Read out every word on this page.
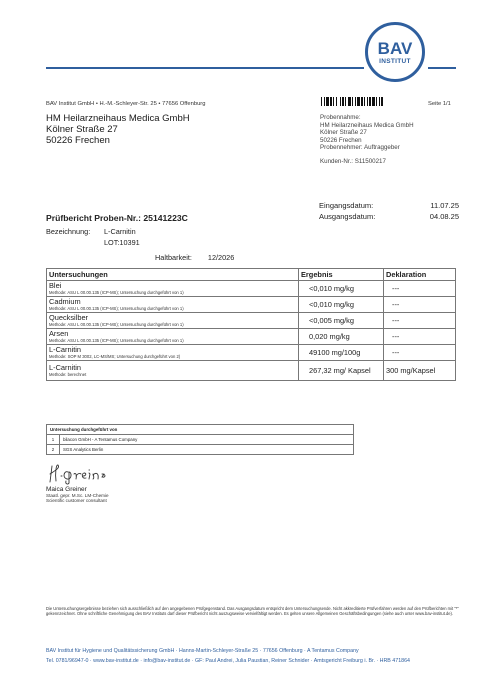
BAV
INSTITUT
BAV Institut GmbH • H.-M.-Schleyer-Str. 25 • 77656 Offenburg	Seite 1/1
HM Heilarzneihaus Medica GmbH
Kölner Straße 27
50226 Frechen
Probennahme:
HM Heilarzneihaus Medica GmbH
Kölner Straße 27
50226 Frechen
Probennehmer: Auftraggeber
Kunden-Nr.: S11500217
Eingangsdatum:	11.07.25
Ausgangsdatum:	04.08.25
Prüfbericht Proben-Nr.: 25141223C
Bezeichnung: L-Carnitin
LOT:10391
Haltbarkeit: 12/2026
Untersuchungen	Ergebnis	Deklaration
Blei
Methode: ASU L 00.00.135 (ICP-MS); Untersuchung durchgeführt von 1)	<0,010 mg/kg	---
Cadmium
Methode: ASU L 00.00.135 (ICP-MS); Untersuchung durchgeführt von 1)	<0,010 mg/kg	---
Quecksilber
Methode: ASU L 00.00.135 (ICP-MS); Untersuchung durchgeführt von 1)	<0,005 mg/kg	---
Arsen
Methode: ASU L 00.00.135 (ICP-MS); Untersuchung durchgeführt von 1)	0,020 mg/kg	---
L-Carnitin
Methode: SOP M 3002, LC-MS/MS; Untersuchung durchgeführt von 2)	49100 mg/100g	---
L-Carnitin
Methode: berechnet	267,32 mg/ Kapsel	300 mg/Kapsel
Untersuchung durchgeführt von	
1	bilacon GmbH - A Tentamus Company
2	SGS Analytics Berlin
Maica Greiner
Staatl. gepr. M.Sc. LM-Chemie
Scientific customer consultant
Die Untersuchungsergebnisse beziehen sich ausschließlich auf den angegebenen Prüfgegenstand. Das Ausgangsdatum entspricht dem Untersuchungsende. Nicht akkreditierte Prüfverfahren werden auf den Prüfberichten mit "*" gekennzeichnet. Ohne schriftliche Genehmigung des BAV Instituts darf dieser Prüfbericht nicht auszugsweise vervielfältigt werden. Es gelten unsere Allgemeinen Geschäftsbedingungen (siehe auch unter www.bav-institut.de).
BAV Institut für Hygiene und Qualitätssicherung GmbH · Hanns-Martin-Schleyer-Straße 25 · 77656 Offenburg · A Tentamus Company
Tel. 0781/96947-0 · www.bav-institut.de · info@bav-institut.de · GF: Paul Andrei, Julia Paustian, Reiner Schnider · Amtsgericht Freiburg i. Br. · HRB 471864
